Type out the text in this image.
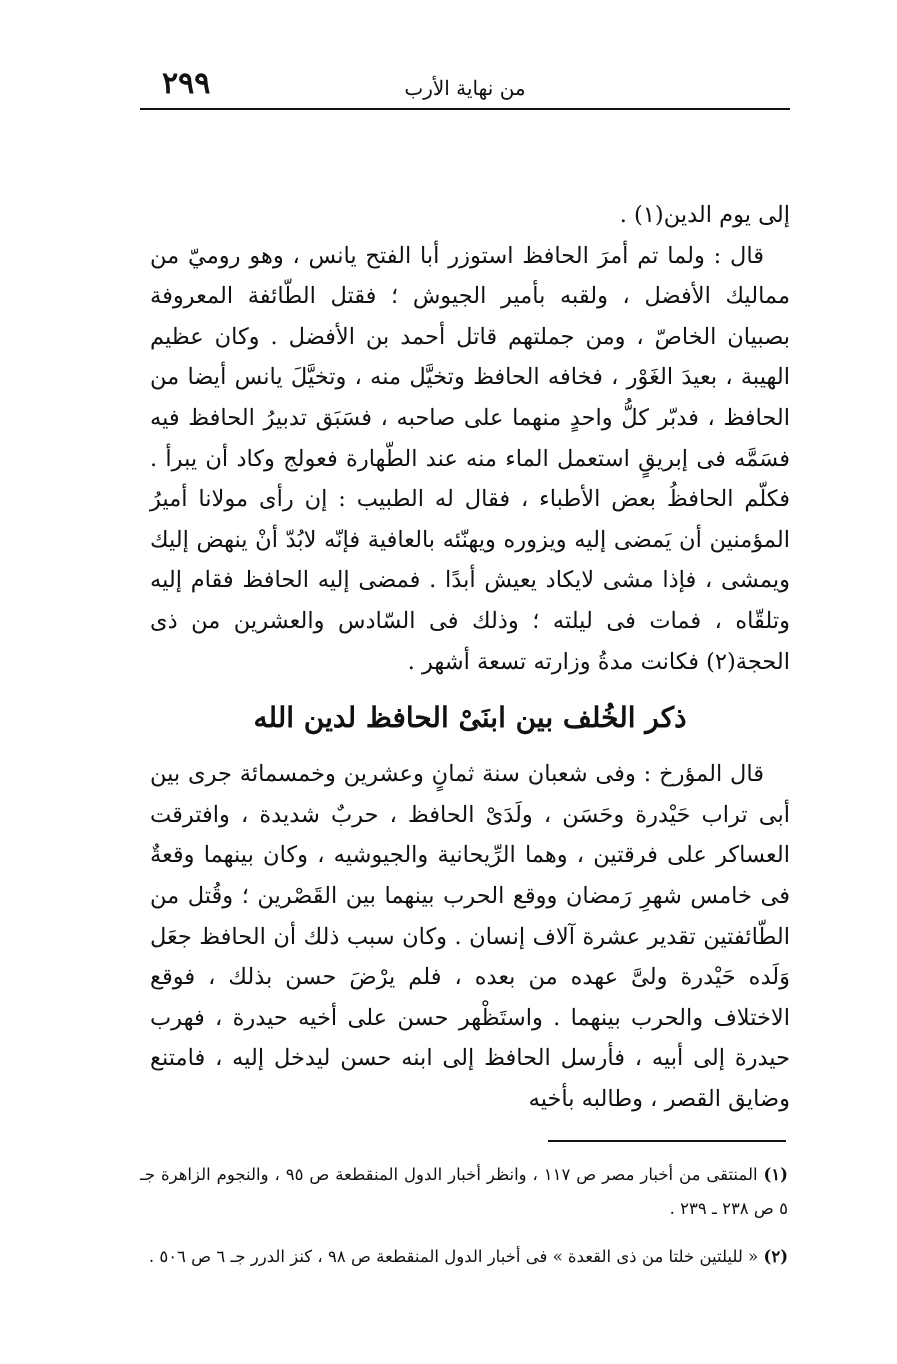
٢٩٩	من نهاية الأرب

إلى يوم الدين(١) .

قال : ولما تم أمرَ الحافظ استوزر أبا الفتح يانس ، وهو روميّ من مماليك الأفضل ، ولقبه بأمير الجيوش ؛ فقتل الطّائفة المعروفة بصبيان الخاصّ ، ومن جملتهم قاتل أحمد بن الأفضل . وكان عظيم الهيبة ، بعيدَ الغَوْر ، فخافه الحافظ وتخيَّل منه ، وتخيَّلَ يانس أيضا من الحافظ ، فدبّر كلُّ واحدٍ منهما على صاحبه ، فسَبَق تدبيرُ الحافظ فيه فسَمَّه فى إبريقٍ استعمل الماء منه عند الطّهارة فعولج وكاد أن يبرأ . فكلّم الحافظُ بعض الأطباء ، فقال له الطبيب : إن رأى مولانا أميرُ المؤمنين أن يَمضى إليه ويزوره ويهنّئه بالعافية فإنّه لابُدّ أنْ ينهض إليك ويمشى ، فإذا مشى لايكاد يعيش أبدًا . فمضى إليه الحافظ فقام إليه وتلقّاه ، فمات فى ليلته ؛ وذلك فى السّادس والعشرين من ذى الحجة(٢) فكانت مدةُ وزارته تسعة أشهر .

ذكر الخُلف بين ابنَىْ الحافظ لدين الله

قال المؤرخ : وفى شعبان سنة ثمانٍ وعشرين وخمسمائة جرى بين أبى تراب حَيْدرة وحَسَن ، ولَدَىْ الحافظ ، حربٌ شديدة ، وافترقت العساكر على فرقتين ، وهما الرِّيحانية والجيوشيه ، وكان بينهما وقعةٌ فى خامس شهرِ رَمضان ووقع الحرب بينهما بين القَصْرين ؛ وقُتل من الطّائفتين تقدير عشرة آلاف إنسان . وكان سبب ذلك أن الحافظ جعَل وَلَده حَيْدرة ولىَّ عهده من بعده ، فلم يرْضَ حسن بذلك ، فوقع الاختلاف والحرب بينهما . واستَظْهر حسن على أخيه حيدرة ، فهرب حيدرة إلى أبيه ، فأرسل الحافظ إلى ابنه حسن ليدخل إليه ، فامتنع وضايق القصر ، وطالبه بأخيه

(١) المنتقى من أخبار مصر ص ١١٧ ، وانظر أخبار الدول المنقطعة ص ٩٥ ، والنجوم الزاهرة جـ ٥ ص ٢٣٨ ـ ٢٣٩ .

(٢) « لليلتين خلتا من ذى القعدة » فى أخبار الدول المنقطعة ص ٩٨ ، كنز الدرر جـ ٦ ص ٥٠٦ .
